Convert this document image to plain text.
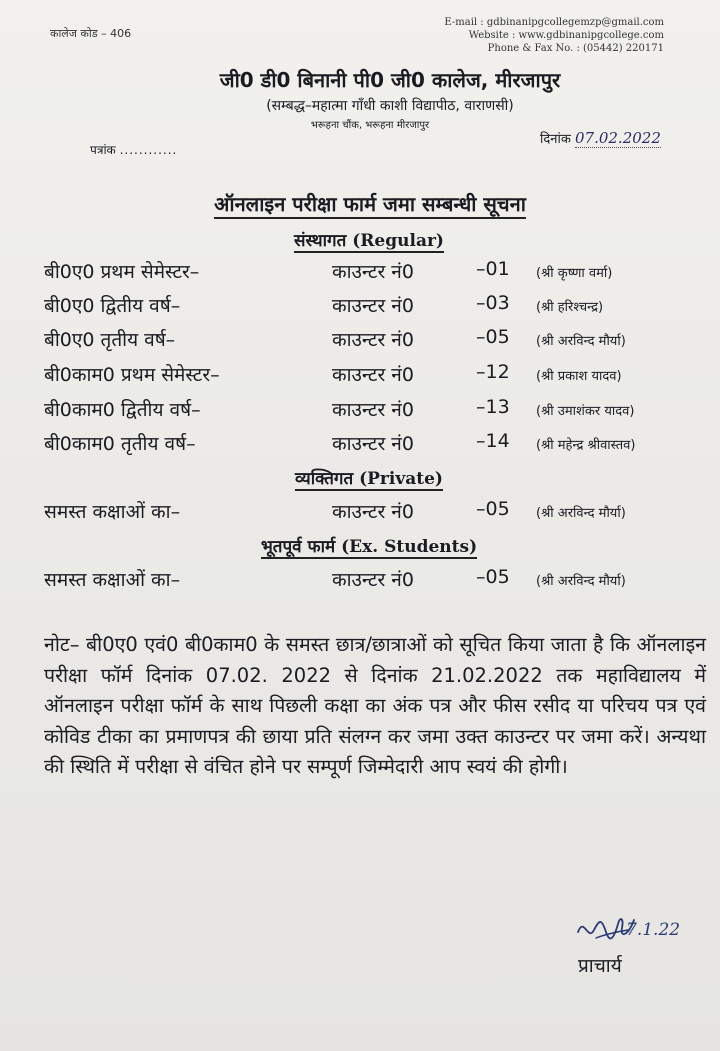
कालेज कोड – 406
E-mail : gdbinanipgcollegemzp@gmail.com
Website : www.gdbinanipgcollege.com
Phone & Fax No. : (05442) 220171
जी0 डी0 बिनानी पी0 जी0 कालेज, मीरजापुर
(सम्बद्ध–महात्मा गाँधी काशी विद्यापीठ, वाराणसी)
भरूहना चौंक, भरूहना मीरजापुर
पत्रांक ............
दिनांक 07.02.2022
ऑनलाइन परीक्षा फार्म जमा सम्बन्धी सूचना
संस्थागत (Regular)
बी0ए0 प्रथम सेमेस्टर–	काउन्टर नं0	–01 (श्री कृष्णा वर्मा)
बी0ए0 द्वितीय वर्ष–	काउन्टर नं0	–03 (श्री हरिश्चन्द्र)
बी0ए0 तृतीय वर्ष–	काउन्टर नं0	–05 (श्री अरविन्द मौर्या)
बी0काम0 प्रथम सेमेस्टर–	काउन्टर नं0	–12 (श्री प्रकाश यादव)
बी0काम0 द्वितीय वर्ष–	काउन्टर नं0	–13 (श्री उमाशंकर यादव)
बी0काम0 तृतीय वर्ष–	काउन्टर नं0	–14 (श्री महेन्द्र श्रीवास्तव)
व्यक्तिगत (Private)
समस्त कक्षाओं का–	काउन्टर नं0	–05 (श्री अरविन्द मौर्या)
भूतपूर्व फार्म (Ex. Students)
समस्त कक्षाओं का–	काउन्टर नं0	–05 (श्री अरविन्द मौर्या)
नोट– बी0ए0 एवं0 बी0काम0 के समस्त छात्र/छात्राओं को सूचित किया जाता है कि ऑनलाइन परीक्षा फॉर्म दिनांक 07.02. 2022 से दिनांक 21.02.2022 तक महाविद्यालय में ऑनलाइन परीक्षा फॉर्म के साथ पिछली कक्षा का अंक पत्र और फीस रसीद या परिचय पत्र एवं कोविड टीका का प्रमाणपत्र की छाया प्रति संलग्न कर जमा उक्त काउन्टर पर जमा करें। अन्यथा की स्थिति में परीक्षा से वंचित होने पर सम्पूर्ण जिम्मेदारी आप स्वयं की होगी।
7.1.22
प्राचार्य
